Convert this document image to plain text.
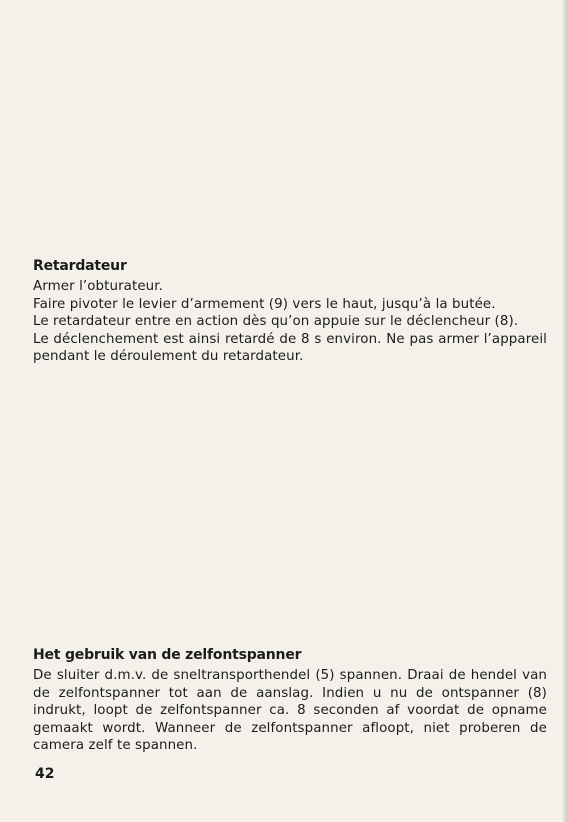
Retardateur

Armer l’obturateur.

Faire pivoter le levier d’armement (9) vers le haut, jusqu’à la butée.

Le retardateur entre en action dès qu’on appuie sur le déclencheur (8).

Le déclenchement est ainsi retardé de 8 s environ. Ne pas armer l’appareil pendant le déroulement du retardateur.

Het gebruik van de zelfontspanner

De sluiter d.m.v. de sneltransporthendel (5) spannen. Draai de hendel van de zelfontspanner tot aan de aanslag. Indien u nu de ontspanner (8) indrukt, loopt de zelfontspanner ca. 8 seconden af voordat de opname gemaakt wordt. Wanneer de zelfontspanner afloopt, niet proberen de camera zelf te spannen.

42
